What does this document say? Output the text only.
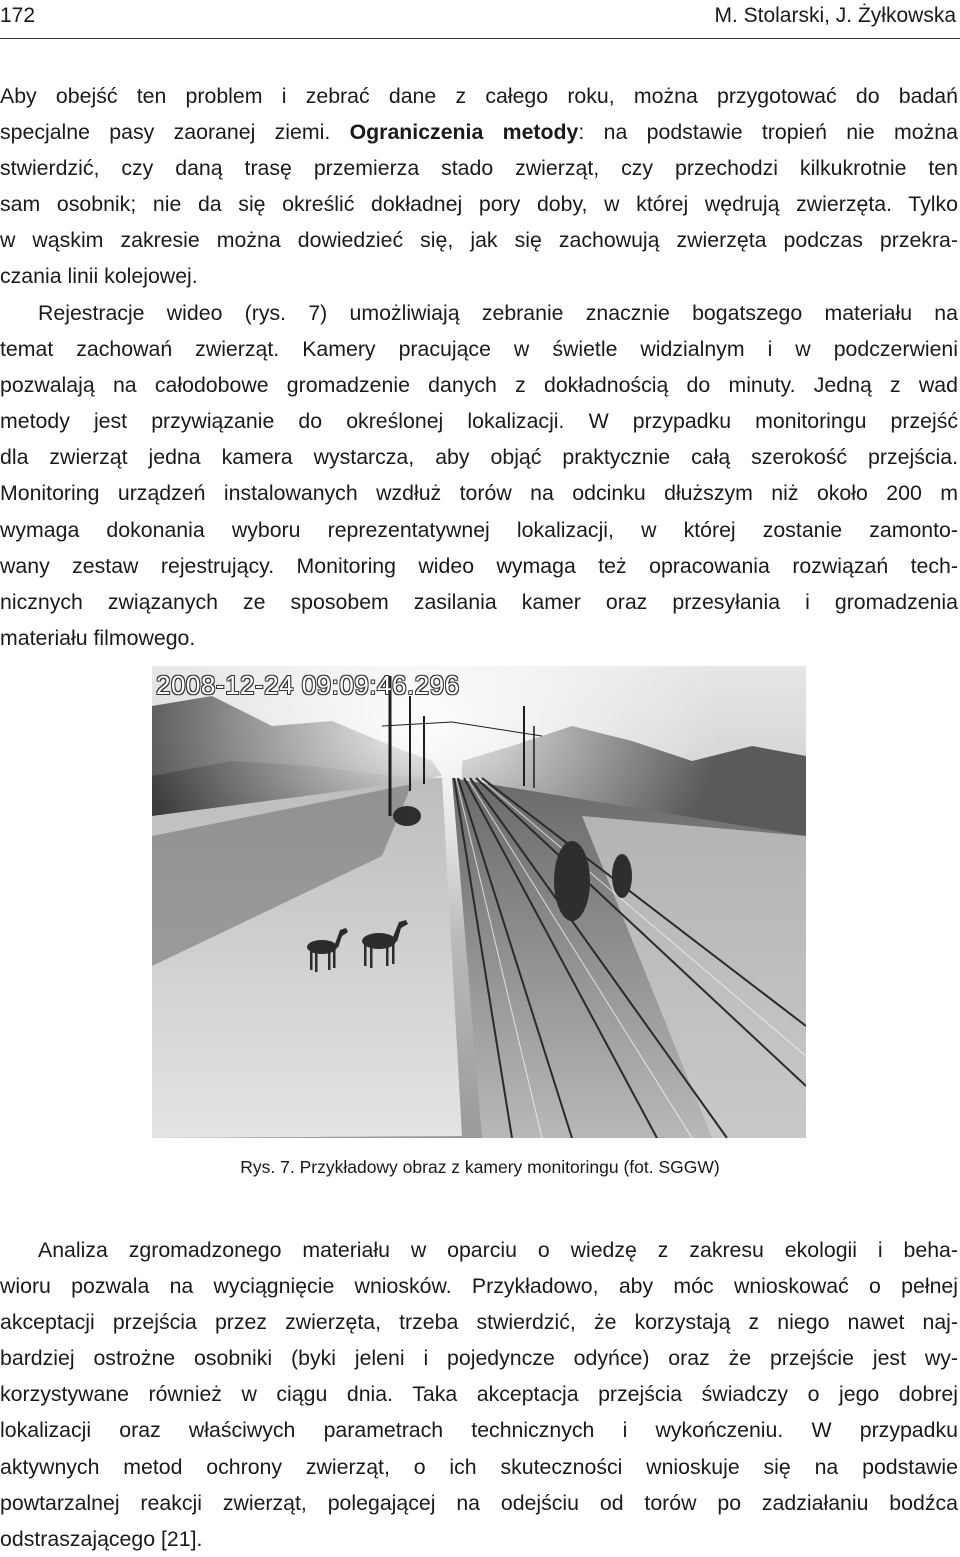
172	M. Stolarski, J. Żyłkowska
Aby obejść ten problem i zebrać dane z całego roku, można przygotować do badań
specjalne pasy zaoranej ziemi. Ograniczenia metody: na podstawie tropień nie można
stwierdzić, czy daną trasę przemierza stado zwierząt, czy przechodzi kilkukrotnie ten
sam osobnik; nie da się określić dokładnej pory doby, w której wędrują zwierzęta. Tylko
w wąskim zakresie można dowiedzieć się, jak się zachowują zwierzęta podczas przekra-
czania linii kolejowej.
Rejestracje wideo (rys. 7) umożliwiają zebranie znacznie bogatszego materiału na
temat zachowań zwierząt. Kamery pracujące w świetle widzialnym i w podczerwieni
pozwalają na całodobowe gromadzenie danych z dokładnością do minuty. Jedną z wad
metody jest przywiązanie do określonej lokalizacji. W przypadku monitoringu przejść
dla zwierząt jedna kamera wystarcza, aby objąć praktycznie całą szerokość przejścia.
Monitoring urządzeń instalowanych wzdłuż torów na odcinku dłuższym niż około 200 m
wymaga dokonania wyboru reprezentatywnej lokalizacji, w której zostanie zamonto-
wany zestaw rejestrujący. Monitoring wideo wymaga też opracowania rozwiązań tech-
nicznych związanych ze sposobem zasilania kamer oraz przesyłania i gromadzenia
materiału filmowego.
2008-12-24 09:09:46.296
Rys. 7. Przykładowy obraz z kamery monitoringu (fot. SGGW)
Analiza zgromadzonego materiału w oparciu o wiedzę z zakresu ekologii i beha-
wioru pozwala na wyciągnięcie wniosków. Przykładowo, aby móc wnioskować o pełnej
akceptacji przejścia przez zwierzęta, trzeba stwierdzić, że korzystają z niego nawet naj-
bardziej ostrożne osobniki (byki jeleni i pojedyncze odyńce) oraz że przejście jest wy-
korzystywane również w ciągu dnia. Taka akceptacja przejścia świadczy o jego dobrej
lokalizacji oraz właściwych parametrach technicznych i wykończeniu. W przypadku
aktywnych metod ochrony zwierząt, o ich skuteczności wnioskuje się na podstawie
powtarzalnej reakcji zwierząt, polegającej na odejściu od torów po zadziałaniu bodźca
odstraszającego [21].
